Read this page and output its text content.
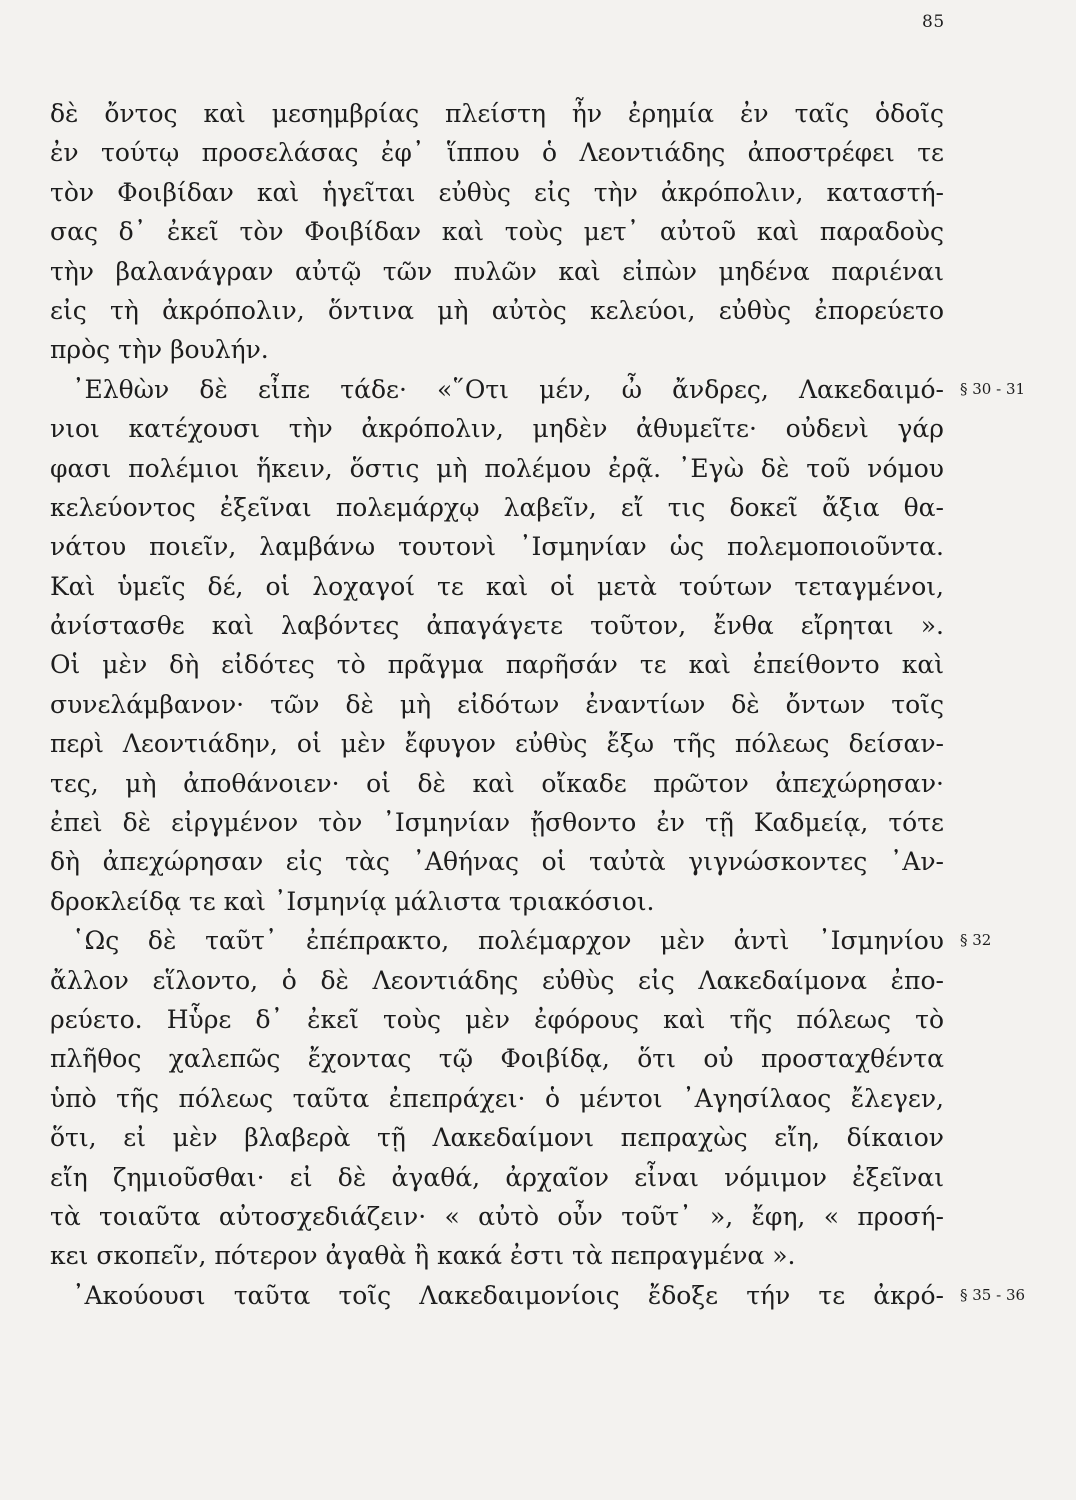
85
δὲ ὄντος καὶ μεσημβρίας πλείστη ἦν ἐρημία ἐν ταῖς ὁδοῖς
ἐν τούτῳ προσελάσας ἐφ᾽ ἵππου ὁ Λεοντιάδης ἀποστρέφει τε
τὸν Φοιβίδαν καὶ ἡγεῖται εὐθὺς εἰς τὴν ἀκρόπολιν, καταστή-
σας δ᾽ ἐκεῖ τὸν Φοιβίδαν καὶ τοὺς μετ᾽ αὐτοῦ καὶ παραδοὺς
τὴν βαλανάγραν αὐτῷ τῶν πυλῶν καὶ εἰπὼν μηδένα παριέναι
εἰς τὴ ἀκρόπολιν, ὅντινα μὴ αὐτὸς κελεύοι, εὐθὺς ἐπορεύετο
πρὸς τὴν βουλήν.
᾽Ελθὼν δὲ εἶπε τάδε· «῞Οτι μέν, ὦ ἄνδρες, Λακεδαιμό-
νιοι κατέχουσι τὴν ἀκρόπολιν, μηδὲν ἀθυμεῖτε· οὐδενὶ γάρ
φασι πολέμιοι ἥκειν, ὅστις μὴ πολέμου ἐρᾷ. ᾽Εγὼ δὲ τοῦ νόμου
κελεύοντος ἐξεῖναι πολεμάρχῳ λαβεῖν, εἴ τις δοκεῖ ἄξια θα-
νάτου ποιεῖν, λαμβάνω τουτονὶ ᾽Ισμηνίαν ὡς πολεμοποιοῦντα.
Καὶ ὑμεῖς δέ, οἱ λοχαγοί τε καὶ οἱ μετὰ τούτων τεταγμένοι,
ἀνίστασθε καὶ λαβόντες ἀπαγάγετε τοῦτον, ἔνθα εἴρηται ».
Οἱ μὲν δὴ εἰδότες τὸ πρᾶγμα παρῆσάν τε καὶ ἐπείθοντο καὶ
συνελάμβανον· τῶν δὲ μὴ εἰδότων ἐναντίων δὲ ὄντων τοῖς
περὶ Λεοντιάδην, οἱ μὲν ἔφυγον εὐθὺς ἔξω τῆς πόλεως δείσαν-
τες, μὴ ἀποθάνοιεν· οἱ δὲ καὶ οἴκαδε πρῶτον ἀπεχώρησαν·
ἐπεὶ δὲ εἰργμένον τὸν ᾽Ισμηνίαν ᾔσθοντο ἐν τῇ Καδμείᾳ, τότε
δὴ ἀπεχώρησαν εἰς τὰς ᾽Αθήνας οἱ ταὐτὰ γιγνώσκοντες ᾽Αν-
δροκλείδᾳ τε καὶ ᾽Ισμηνίᾳ μάλιστα τριακόσιοι.
῾Ως δὲ ταῦτ᾽ ἐπέπρακτο, πολέμαρχον μὲν ἀντὶ ᾽Ισμηνίου
ἄλλον εἵλοντο, ὁ δὲ Λεοντιάδης εὐθὺς εἰς Λακεδαίμονα ἐπο-
ρεύετο. Ηὗρε δ᾽ ἐκεῖ τοὺς μὲν ἐφόρους καὶ τῆς πόλεως τὸ
πλῆθος χαλεπῶς ἔχοντας τῷ Φοιβίδᾳ, ὅτι οὐ προσταχθέντα
ὑπὸ τῆς πόλεως ταῦτα ἐπεπράχει· ὁ μέντοι ᾽Αγησίλαος ἔλεγεν,
ὅτι, εἰ μὲν βλαβερὰ τῇ Λακεδαίμονι πεπραχὼς εἴη, δίκαιον
εἴη ζημιοῦσθαι· εἰ δὲ ἀγαθά, ἀρχαῖον εἶναι νόμιμον ἐξεῖναι
τὰ τοιαῦτα αὐτοσχεδιάζειν· « αὐτὸ οὖν τοῦτ᾽ », ἔφη, « προσή-
κει σκοπεῖν, πότερον ἀγαθὰ ἢ κακά ἐστι τὰ πεπραγμένα ».
᾽Ακούουσι ταῦτα τοῖς Λακεδαιμονίοις ἔδοξε τήν τε ἀκρό-
§ 30 - 31
§ 32
§ 35 - 36
